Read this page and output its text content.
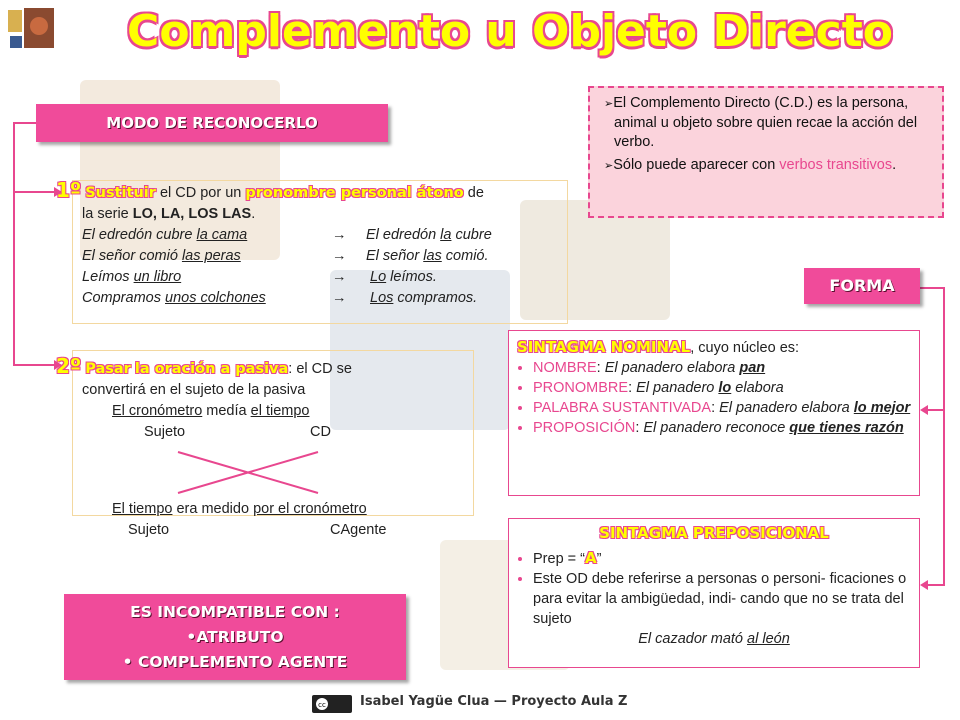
Complemento u Objeto Directo
MODO DE RECONOCERLO

➢El Complemento Directo (C.D.) es la persona, animal u objeto sobre quien recae la acción del verbo.

➢Sólo puede aparecer con verbos transitivos.

1º Sustituir el CD por un pronombre personal átono de
la serie LO, LA, LOS LAS.
El edredón cubre la cama	→ El edredón la cubre
El señor comió las peras	→ El señor las comió.
Leímos un libro	→ Lo leímos.
Compramos unos colchones	→ Los compramos.
2º Pasar la oración a pasiva: el CD se
convertirá en el sujeto de la pasiva
El cronómetro medía el tiempo
Sujeto	CD
El tiempo era medido por el cronómetro
Sujeto	CAgente
ES INCOMPATIBLE CON :
•ATRIBUTO
• COMPLEMENTO AGENTE
FORMA
SINTAGMA NOMINAL, cuyo núcleo es:
• NOMBRE: El panadero elabora pan
• PRONOMBRE: El panadero lo elabora
• PALABRA SUSTANTIVADA: El panadero elabora lo mejor
• PROPOSICIÓN: El panadero reconoce que tienes razón
SINTAGMA PREPOSICIONAL
• Prep = “A”
• Este OD debe referirse a personas o personi- ficaciones o para evitar la ambigüedad, indi- cando que no se trata del sujeto
El cazador mató al león
cc	Isabel Yagüe Clua — Proyecto Aula Z
